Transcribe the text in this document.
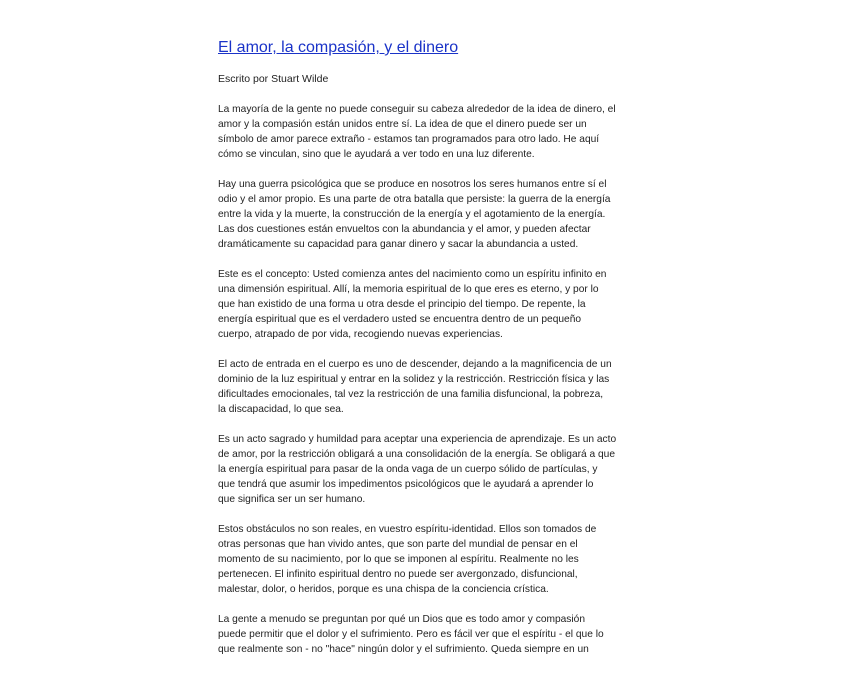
El amor, la compasión, y el dinero
Escrito por Stuart Wilde
La mayoría de la gente no puede conseguir su cabeza alrededor de la idea de dinero, el
amor y la compasión están unidos entre sí. La idea de que el dinero puede ser un
símbolo de amor parece extraño - estamos tan programados para otro lado. He aquí
cómo se vinculan, sino que le ayudará a ver todo en una luz diferente.
Hay una guerra psicológica que se produce en nosotros los seres humanos entre sí el
odio y el amor propio. Es una parte de otra batalla que persiste: la guerra de la energía
entre la vida y la muerte, la construcción de la energía y el agotamiento de la energía.
Las dos cuestiones están envueltos con la abundancia y el amor, y pueden afectar
dramáticamente su capacidad para ganar dinero y sacar la abundancia a usted.
Este es el concepto: Usted comienza antes del nacimiento como un espíritu infinito en
una dimensión espiritual. Allí, la memoria espiritual de lo que eres es eterno, y por lo
que han existido de una forma u otra desde el principio del tiempo. De repente, la
energía espiritual que es el verdadero usted se encuentra dentro de un pequeño
cuerpo, atrapado de por vida, recogiendo nuevas experiencias.
El acto de entrada en el cuerpo es uno de descender, dejando a la magnificencia de un
dominio de la luz espiritual y entrar en la solidez y la restricción. Restricción física y las
dificultades emocionales, tal vez la restricción de una familia disfuncional, la pobreza,
la discapacidad, lo que sea.
Es un acto sagrado y humildad para aceptar una experiencia de aprendizaje. Es un acto
de amor, por la restricción obligará a una consolidación de la energía. Se obligará a que
la energía espiritual para pasar de la onda vaga de un cuerpo sólido de partículas, y
que tendrá que asumir los impedimentos psicológicos que le ayudará a aprender lo
que significa ser un ser humano.
Estos obstáculos no son reales, en vuestro espíritu-identidad. Ellos son tomados de
otras personas que han vivido antes, que son parte del mundial de pensar en el
momento de su nacimiento, por lo que se imponen al espíritu. Realmente no les
pertenecen. El infinito espiritual dentro no puede ser avergonzado, disfuncional,
malestar, dolor, o heridos, porque es una chispa de la conciencia crística.
La gente a menudo se preguntan por qué un Dios que es todo amor y compasión
puede permitir que el dolor y el sufrimiento. Pero es fácil ver que el espíritu - el que lo
que realmente son - no "hace" ningún dolor y el sufrimiento. Queda siempre en un
